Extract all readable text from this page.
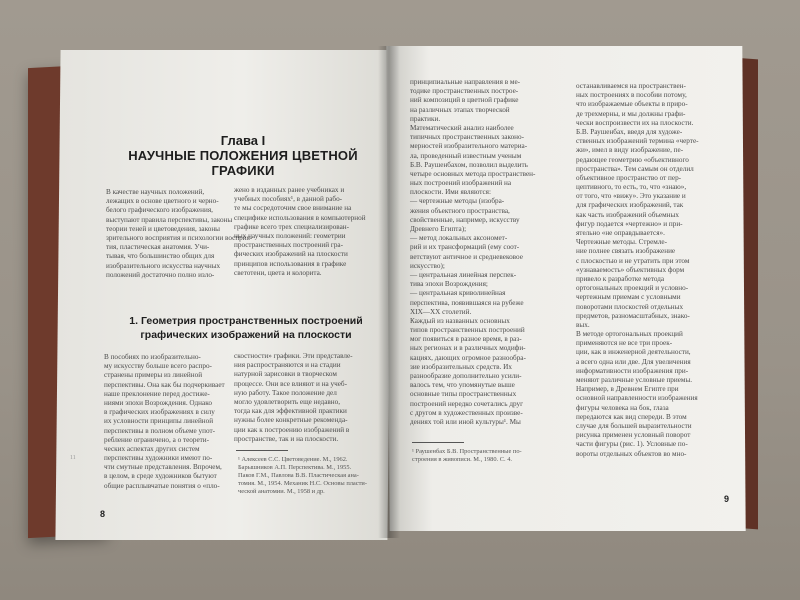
Глава I
НАУЧНЫЕ ПОЛОЖЕНИЯ ЦВЕТНОЙ ГРАФИКИ
В качестве научных положений,
лежащих в основе цветного и черно-
белого графического изображения,
выступают правила перспективы, законы
теории теней и цветоведения, законы
зрительного восприятия и психологии восприя-
тия, пластическая анатомия. Учи-
тывая, что большинство общих для
изобразительного искусства научных
положений достаточно полно изло-
жено в изданных ранее учебниках и
учебных пособиях¹, в данной рабо-
те мы сосредоточим свое внимание на
специфике использования в компьютерной
графике всего трех специализирован-
ных научных положений: геометрии
пространственных построений гра-
фических изображений на плоскости
принципов использования в графике
светотени, цвета и колорита.
1. Геометрия пространственных построений графических изображений на плоскости
В пособиях по изобразительно-
му искусству больше всего распро-
странены примеры из линейной
перспективы. Она как бы подчеркивает
наше преклонение перед достиже-
ниями эпохи Возрождения. Однако
в графических изображениях в силу
их условности принципы линейной
перспективы в полном объеме упот-
ребление ограничено, а о теорети-
ческих аспектах других систем
перспективы художники имеют по-
чти смутные представления. Впрочем,
в целом, в среде художников бытуют
общие расплывчатые понятия о «пло-
скостности» графики. Эти представле-
ния распространяются и на стадии
натурной зарисовки в творческом
процессе. Они все влияют и на учеб-
ную работу. Такое положение дел
могло удовлетворить еще недавно,
тогда как для эффективной практики
нужны более конкретные рекоменда-
ции как к построению изображений в
пространстве, так и на плоскости.
¹ Алексеев С.С. Цветоведение. М., 1962.
Барышников А.П. Перспектива. М., 1955.
Паков Г.М., Павлова В.В. Пластическая ана-
томия. М., 1954. Механик Н.С. Основы пласти-
ческой анатомии. М., 1958 и др.
8
11
принципиальные направления в ме-
тодике пространственных построе-
ний композиций в цветной графике
на различных этапах творческой
практики.
Математический анализ наиболее
типичных пространственных законо-
мерностей изобразительного материа-
ла, проведенный известным ученым
Б.В. Раушенбахом, позволил выделить
четыре основных метода пространствен-
ных построений изображений на
плоскости. Ими являются:
— чертежные методы (изобра-
жения объектного пространства,
свойственные, например, искусству
Древнего Египта);
— метод локальных аксономет-
рий и их трансформаций (ему соот-
ветствуют античное и средневековое
искусство);
— центральная линейная перспек-
тива эпохи Возрождения;
— центральная криволинейная
перспектива, появившаяся на рубеже
XIX—XX столетий.
Каждый из названных основных
типов пространственных построений
мог появиться в разное время, в раз-
ных регионах и в различных модифи-
кациях, дающих огромное разнообра-
зие изобразительных средств. Их
разнообразие дополнительно усили-
валось тем, что упомянутые выше
основные типы пространственных
построений нередко сочетались друг
с другом в художественных произве-
дениях той или иной культуры¹. Мы
останавливаемся на пространствен-
ных построениях в пособии потому,
что изображаемые объекты в приро-
де трехмерны, и мы должны графи-
чески воспроизвести их на плоскости.
Б.В. Раушенбах, введя для художе-
ственных изображений термина «черте-
жи», имел в виду изображение, пе-
редающее геометрию «объективного
пространства». Тем самым он отделил
объективное пространство от пер-
цептивного, то есть, то, что «знаю»,
от того, что «вижу». Это указание и
для графических изображений, так
как часть изображений объемных
фигур подается «чертежно» и при-
ятельно «не оправдывается».
Чертежные методы. Стремле-
ние полнее связать изображение
с плоскостью и не утратить при этом
«узнаваемость» объективных форм
привело к разработке метода
ортогональных проекций и условно-
чертежным приемам с условными
поворотами плоскостей отдельных
предметов, разномасштабных, знако-
вых.
В методе ортогональных проекций
применяются не все три проек-
ции, как в инженерной деятельности,
а всего одна или две. Для увеличения
информативности изображения при-
меняют различные условные приемы.
Например, в Древнем Египте при
основной направленности изображения
фигуры человека на бок, глаза
передаются как вид спереди. В этом
случае для большей выразительности
рисунка применен условный поворот
части фигуры (рис. 1). Условные по-
вороты отдельных объектов во мно-
¹ Раушенбах Б.В. Пространственные по-
строения в живописи. М., 1980. С. 4.
9
